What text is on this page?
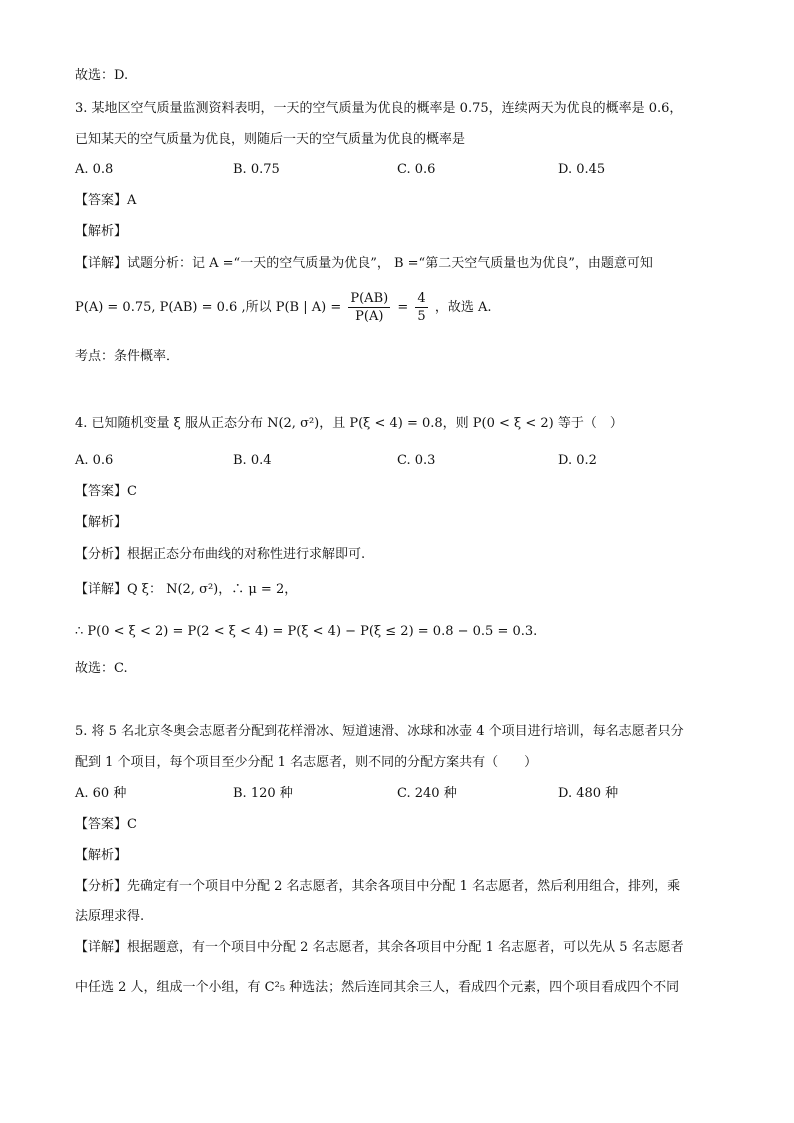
故选：D.
3. 某地区空气质量监测资料表明，一天的空气质量为优良的概率是 0.75，连续两天为优良的概率是 0.6，
已知某天的空气质量为优良，则随后一天的空气质量为优良的概率是
A. 0.8	B. 0.75	C. 0.6	D. 0.45
【答案】A
【解析】
【详解】试题分析：记 A =“一天的空气质量为优良”， B =“第二天空气质量也为优良”，由题意可知
P(A) = 0.75, P(AB) = 0.6 ,所以 P(B | $A) = \frac{P(AB)}{P(A)} = \frac{4}{5}$ ，故选 A.
考点：条件概率．
4. 已知随机变量 ξ 服从正态分布 N(2, σ²)，且 P(ξ < 4) = 0.8，则 P(0 < ξ < 2) 等于（　）
A. 0.6	B. 0.4	C. 0.3	D. 0.2
【答案】C
【解析】
【分析】根据正态分布曲线的对称性进行求解即可.
【详解】Q ξ： N(2, σ²)，∴ μ = 2，
∴ P(0 < ξ < 2) = P(2 < ξ < 4) = P(ξ < 4) − P(ξ ≤ 2) = 0.8 − 0.5 = 0.3.
故选：C.
5. 将 5 名北京冬奥会志愿者分配到花样滑冰、短道速滑、冰球和冰壶 4 个项目进行培训，每名志愿者只分
配到 1 个项目，每个项目至少分配 1 名志愿者，则不同的分配方案共有（　　）
A. 60 种	B. 120 种	C. 240 种	D. 480 种
【答案】C
【解析】
【分析】先确定有一个项目中分配 2 名志愿者，其余各项目中分配 1 名志愿者，然后利用组合，排列，乘
法原理求得.
【详解】根据题意，有一个项目中分配 2 名志愿者，其余各项目中分配 1 名志愿者，可以先从 5 名志愿者
中任选 2 人，组成一个小组，有 C²₅ 种选法；然后连同其余三人，看成四个元素，四个项目看成四个不同
